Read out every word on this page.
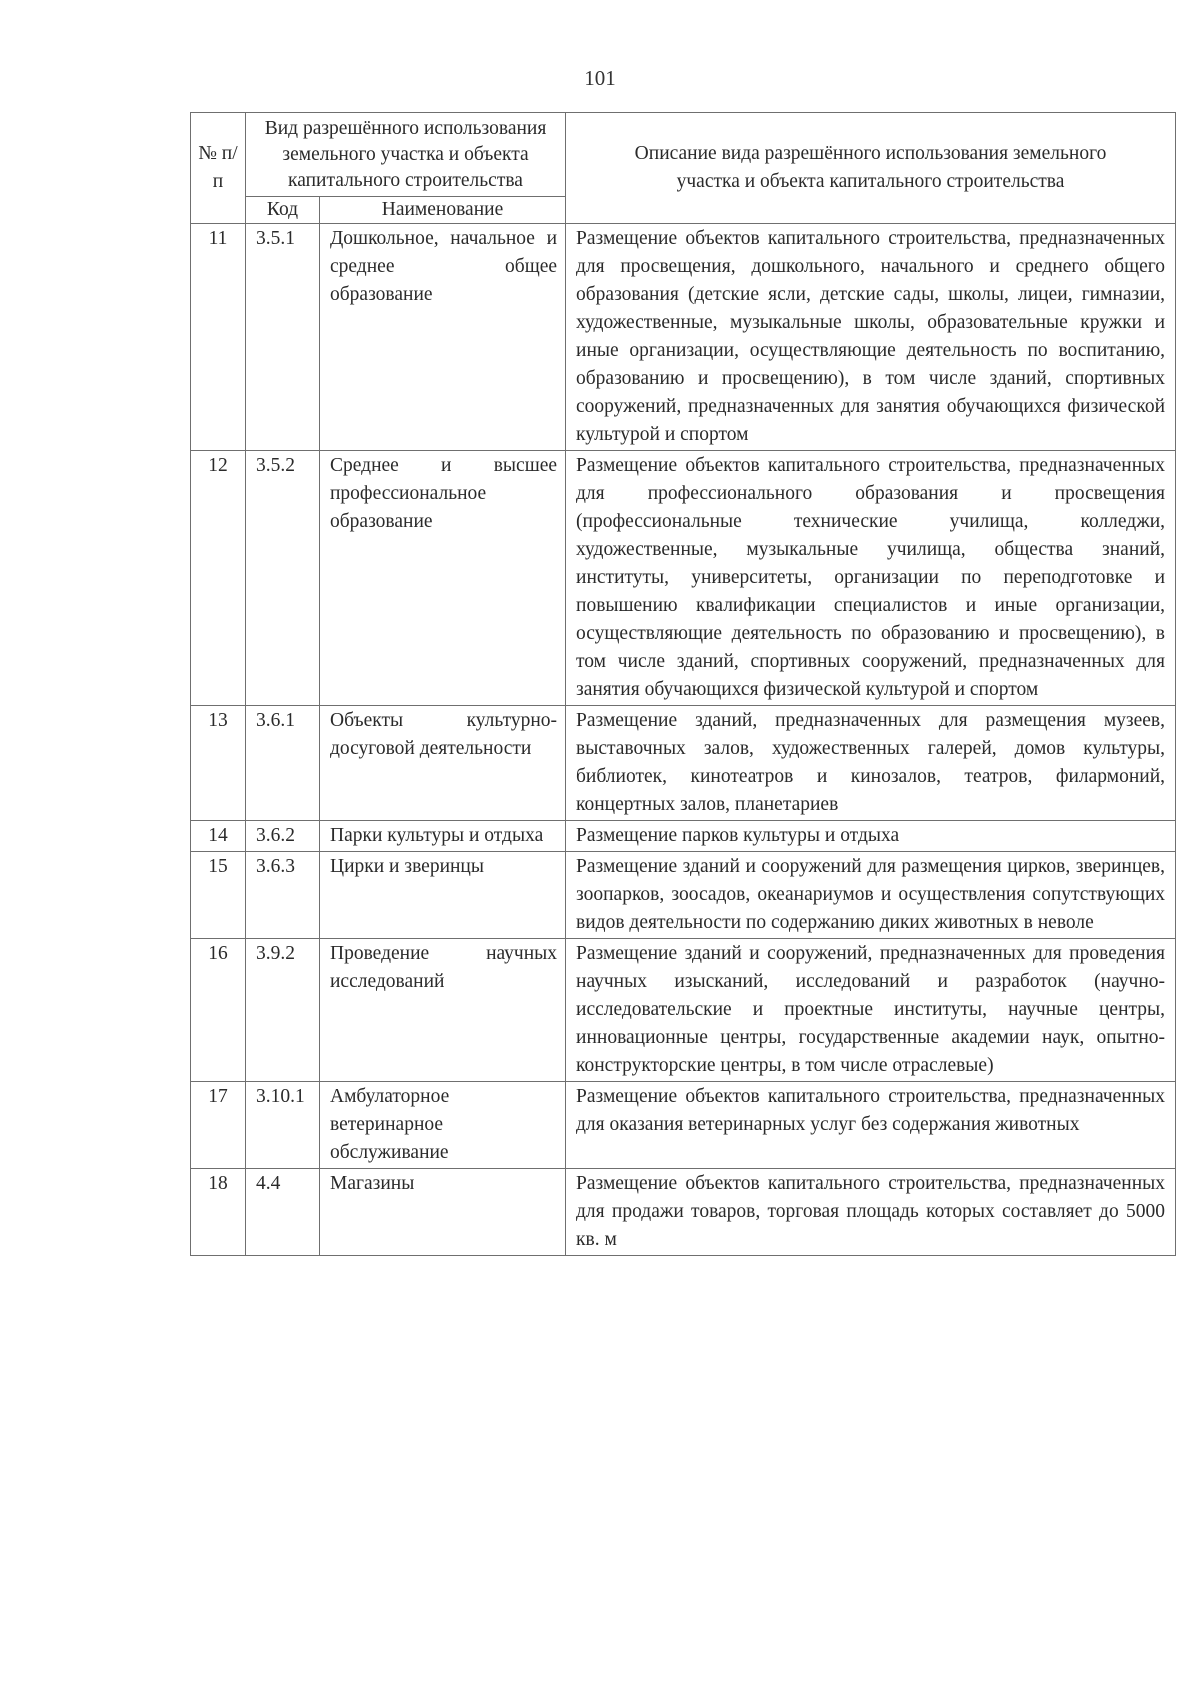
101
№ п/п	Вид разрешённого использования земельного участка и объекта капитального строительства		Описание вида разрешённого использования земельного участка и объекта капитального строительства
	Код	Наименование	
11	3.5.1	Дошкольное, начальное и среднее общее образование	Размещение объектов капитального строительства, предназначенных для просвещения, дошкольного, начального и среднего общего образования (детские ясли, детские сады, школы, лицеи, гимназии, художественные, музыкальные школы, образовательные кружки и иные организации, осуществляющие деятельность по воспитанию, образованию и просвещению), в том числе зданий, спортивных сооружений, предназначенных для занятия обучающихся физической культурой и спортом
12	3.5.2	Среднее и высшее профессиональное образование	Размещение объектов капитального строительства, предназначенных для профессионального образования и просвещения (профессиональные технические училища, колледжи, художественные, музыкальные училища, общества знаний, институты, университеты, организации по переподготовке и повышению квалификации специалистов и иные организации, осуществляющие деятельность по образованию и просвещению), в том числе зданий, спортивных сооружений, предназначенных для занятия обучающихся физической культурой и спортом
13	3.6.1	Объекты культурно-досуговой деятельности	Размещение зданий, предназначенных для размещения музеев, выставочных залов, художественных галерей, домов культуры, библиотек, кинотеатров и кинозалов, театров, филармоний, концертных залов, планетариев
14	3.6.2	Парки культуры и отдыха	Размещение парков культуры и отдыха
15	3.6.3	Цирки и зверинцы	Размещение зданий и сооружений для размещения цирков, зверинцев, зоопарков, зоосадов, океанариумов и осуществления сопутствующих видов деятельности по содержанию диких животных в неволе
16	3.9.2	Проведение научных исследований	Размещение зданий и сооружений, предназначенных для проведения научных изысканий, исследований и разработок (научно-исследовательские и проектные институты, научные центры, инновационные центры, государственные академии наук, опытно-конструкторские центры, в том числе отраслевые)
17	3.10.1	Амбулаторное ветеринарное обслуживание	Размещение объектов капитального строительства, предназначенных для оказания ветеринарных услуг без содержания животных
18	4.4	Магазины	Размещение объектов капитального строительства, предназначенных для продажи товаров, торговая площадь которых составляет до 5000 кв. м
